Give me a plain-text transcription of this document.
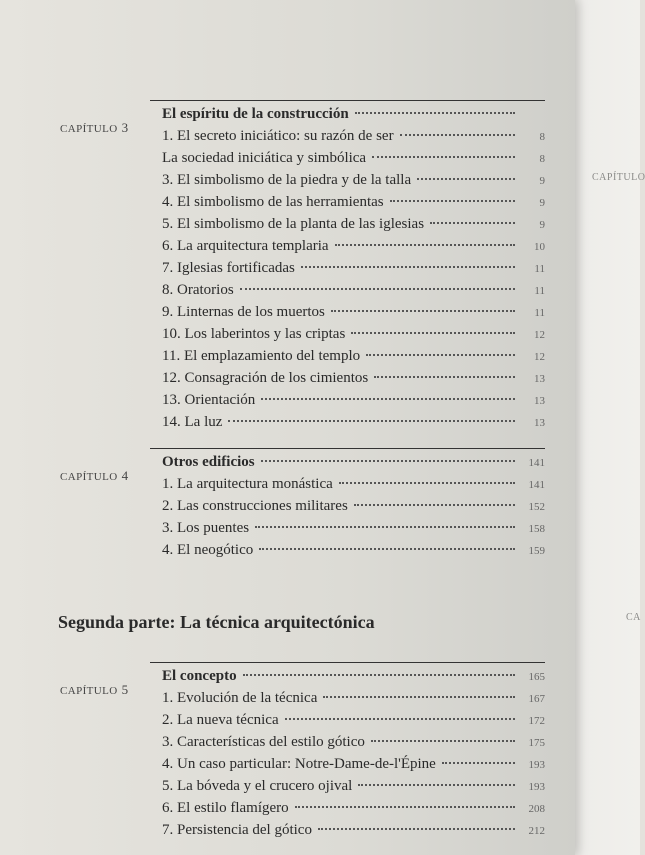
CAPÍTULO
CA
CAPÍTULO 3
El espíritu de la construcción
1. El secreto iniciático: su razón de ser	8
La sociedad iniciática y simbólica	8
3. El simbolismo de la piedra y de la talla	9
4. El simbolismo de las herramientas	9
5. El simbolismo de la planta de las iglesias	9
6. La arquitectura templaria	10
7. Iglesias fortificadas	11
8. Oratorios	11
9. Linternas de los muertos	11
10. Los laberintos y las criptas	12
11. El emplazamiento del templo	12
12. Consagración de los cimientos	13
13. Orientación	13
14. La luz	13
CAPÍTULO 4
Otros edificios	141
1. La arquitectura monástica	141
2. Las construcciones militares	152
3. Los puentes	158
4. El neogótico	159
Segunda parte: La técnica arquitectónica
CAPÍTULO 5
El concepto	165
1. Evolución de la técnica	167
2. La nueva técnica	172
3. Características del estilo gótico	175
4. Un caso particular: Notre-Dame-de-l'Épine	193
5. La bóveda y el crucero ojival	193
6. El estilo flamígero	208
7. Persistencia del gótico	212
